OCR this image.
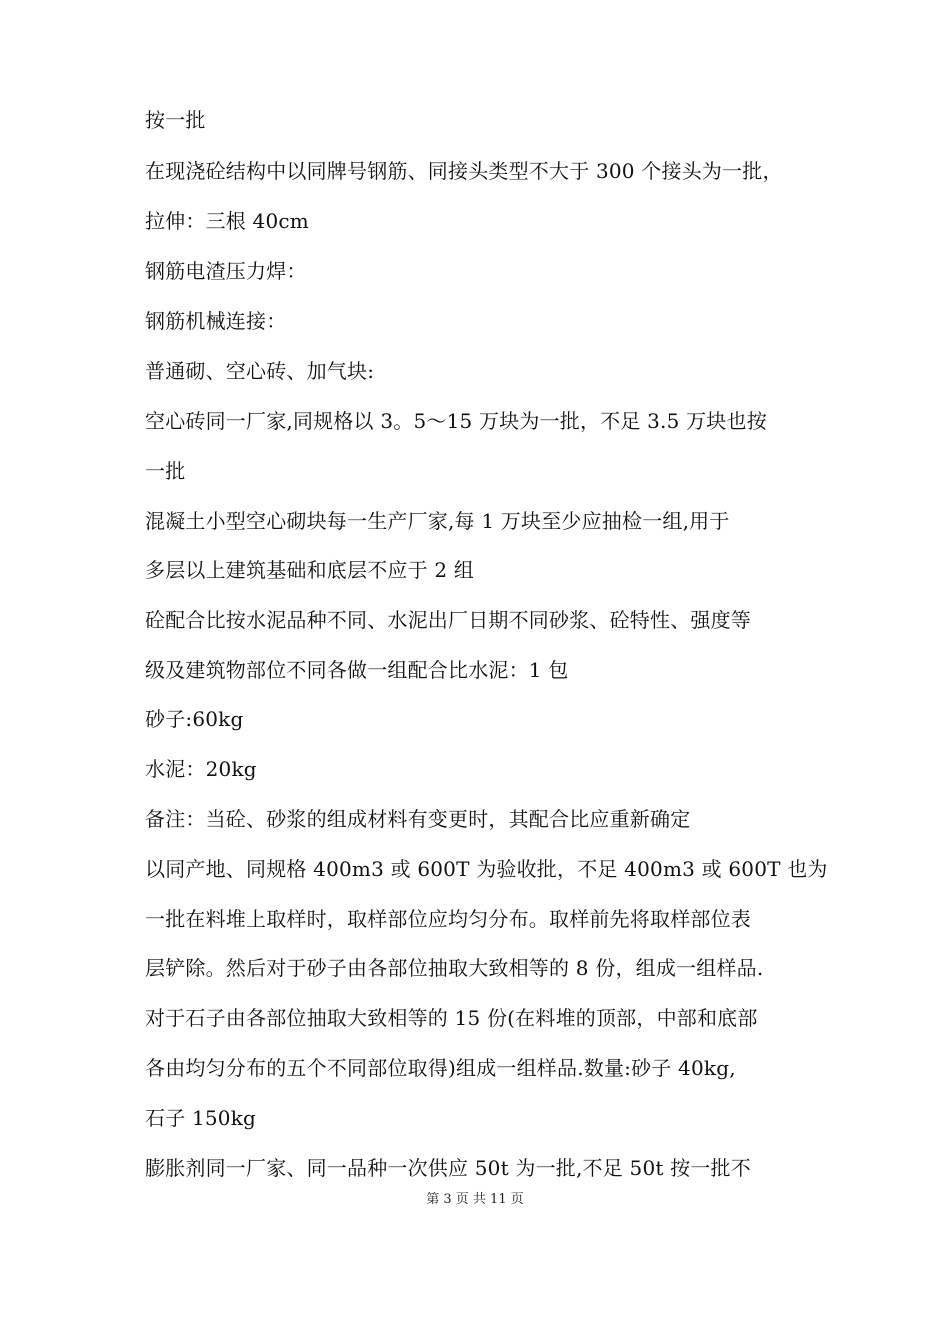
按一批
在现浇砼结构中以同牌号钢筋、同接头类型不大于 300 个接头为一批，
拉伸：三根 40cm
钢筋电渣压力焊：
钢筋机械连接：
普通砌、空心砖、加气块:
空心砖同一厂家,同规格以 3。5～15 万块为一批，不足 3.5 万块也按
一批
混凝土小型空心砌块每一生产厂家,每 1 万块至少应抽检一组,用于
多层以上建筑基础和底层不应于 2 组
砼配合比按水泥品种不同、水泥出厂日期不同砂浆、砼特性、强度等
级及建筑物部位不同各做一组配合比水泥：1 包
砂子:60kg
水泥：20kg
备注：当砼、砂浆的组成材料有变更时，其配合比应重新确定
以同产地、同规格 400m3 或 600T 为验收批，不足 400m3 或 600T 也为
一批在料堆上取样时，取样部位应均匀分布。取样前先将取样部位表
层铲除。然后对于砂子由各部位抽取大致相等的 8 份，组成一组样品.
对于石子由各部位抽取大致相等的 15 份(在料堆的顶部，中部和底部
各由均匀分布的五个不同部位取得)组成一组样品.数量:砂子 40kg,
石子 150kg
膨胀剂同一厂家、同一品种一次供应 50t 为一批,不足 50t 按一批不
第 3 页 共 11 页
